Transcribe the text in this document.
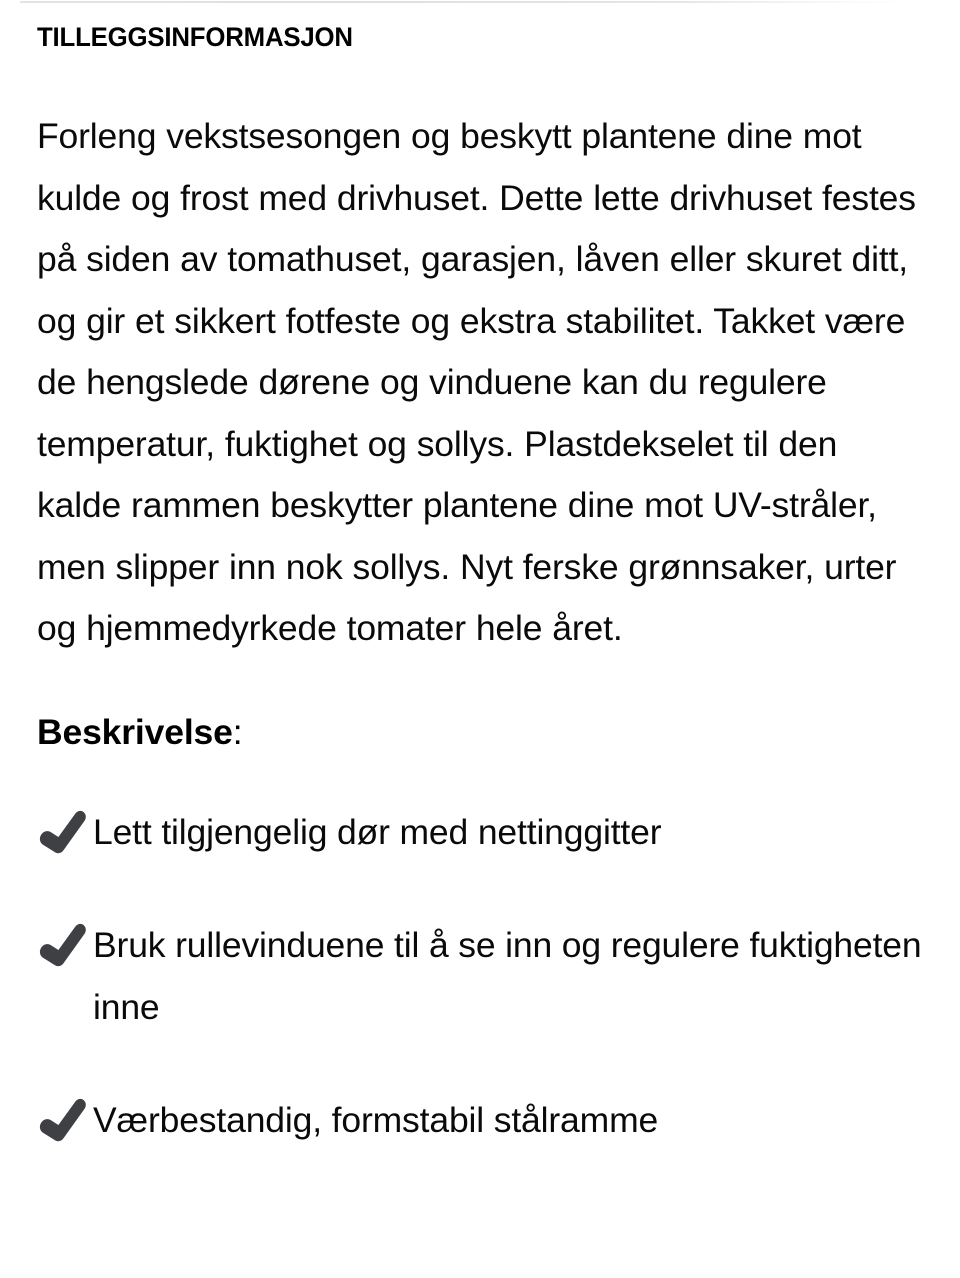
TILLEGGSINFORMASJON

Forleng vekstsesongen og beskytt plantene dine mot kulde og frost med drivhuset. Dette lette drivhuset festes på siden av tomathuset, garasjen, låven eller skuret ditt, og gir et sikkert fotfeste og ekstra stabilitet. Takket være de hengslede dørene og vinduene kan du regulere temperatur, fuktighet og sollys. Plastdekselet til den kalde rammen beskytter plantene dine mot UV-stråler, men slipper inn nok sollys. Nyt ferske grønnsaker, urter og hjemmedyrkede tomater hele året.

Beskrivelse:

Lett tilgjengelig dør med nettinggitter
Bruk rullevinduene til å se inn og regulere fuktigheten inne
Værbestandig, formstabil stålramme
